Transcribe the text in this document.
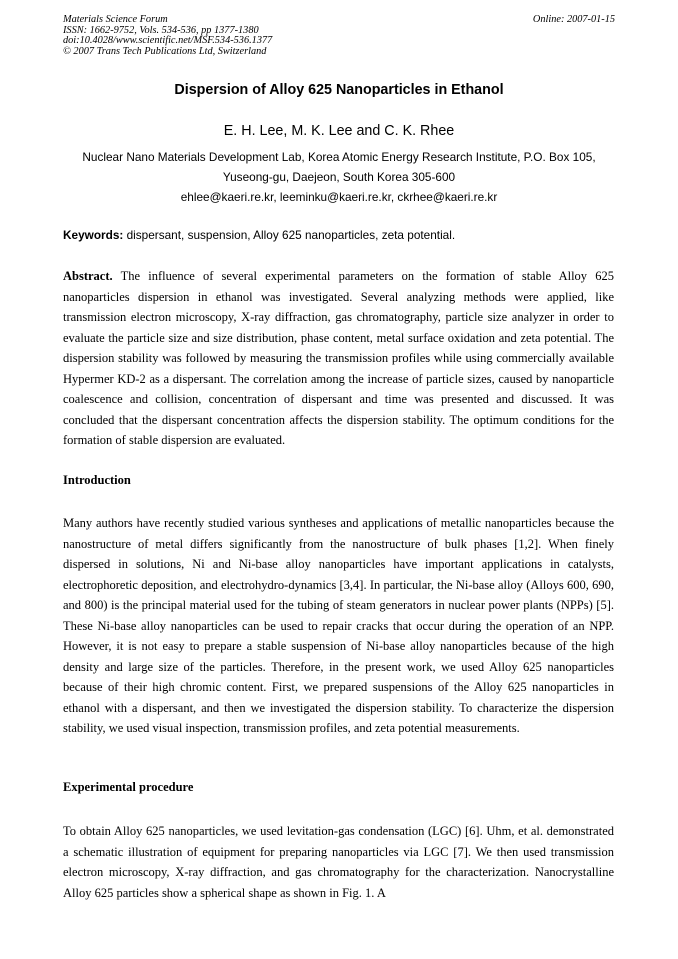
Materials Science Forum
ISSN: 1662-9752, Vols. 534-536, pp 1377-1380
doi:10.4028/www.scientific.net/MSF.534-536.1377
© 2007 Trans Tech Publications Ltd, Switzerland
Online: 2007-01-15
Dispersion of Alloy 625 Nanoparticles in Ethanol
E. H. Lee, M. K. Lee and C. K. Rhee
Nuclear Nano Materials Development Lab, Korea Atomic Energy Research Institute, P.O. Box 105,
Yuseong-gu, Daejeon, South Korea 305-600
ehlee@kaeri.re.kr, leeminku@kaeri.re.kr, ckrhee@kaeri.re.kr
Keywords: dispersant, suspension, Alloy 625 nanoparticles, zeta potential.
Abstract. The influence of several experimental parameters on the formation of stable Alloy 625 nanoparticles dispersion in ethanol was investigated. Several analyzing methods were applied, like transmission electron microscopy, X-ray diffraction, gas chromatography, particle size analyzer in order to evaluate the particle size and size distribution, phase content, metal surface oxidation and zeta potential. The dispersion stability was followed by measuring the transmission profiles while using commercially available Hypermer KD-2 as a dispersant. The correlation among the increase of particle sizes, caused by nanoparticle coalescence and collision, concentration of dispersant and time was presented and discussed. It was concluded that the dispersant concentration affects the dispersion stability. The optimum conditions for the formation of stable dispersion are evaluated.
Introduction
Many authors have recently studied various syntheses and applications of metallic nanoparticles because the nanostructure of metal differs significantly from the nanostructure of bulk phases [1,2]. When finely dispersed in solutions, Ni and Ni-base alloy nanoparticles have important applications in catalysts, electrophoretic deposition, and electrohydro-dynamics [3,4]. In particular, the Ni-base alloy (Alloys 600, 690, and 800) is the principal material used for the tubing of steam generators in nuclear power plants (NPPs) [5]. These Ni-base alloy nanoparticles can be used to repair cracks that occur during the operation of an NPP. However, it is not easy to prepare a stable suspension of Ni-base alloy nanoparticles because of the high density and large size of the particles. Therefore, in the present work, we used Alloy 625 nanoparticles because of their high chromic content. First, we prepared suspensions of the Alloy 625 nanoparticles in ethanol with a dispersant, and then we investigated the dispersion stability. To characterize the dispersion stability, we used visual inspection, transmission profiles, and zeta potential measurements.
Experimental procedure
To obtain Alloy 625 nanoparticles, we used levitation-gas condensation (LGC) [6]. Uhm, et al. demonstrated a schematic illustration of equipment for preparing nanoparticles via LGC [7]. We then used transmission electron microscopy, X-ray diffraction, and gas chromatography for the characterization. Nanocrystalline Alloy 625 particles show a spherical shape as shown in Fig. 1. A
